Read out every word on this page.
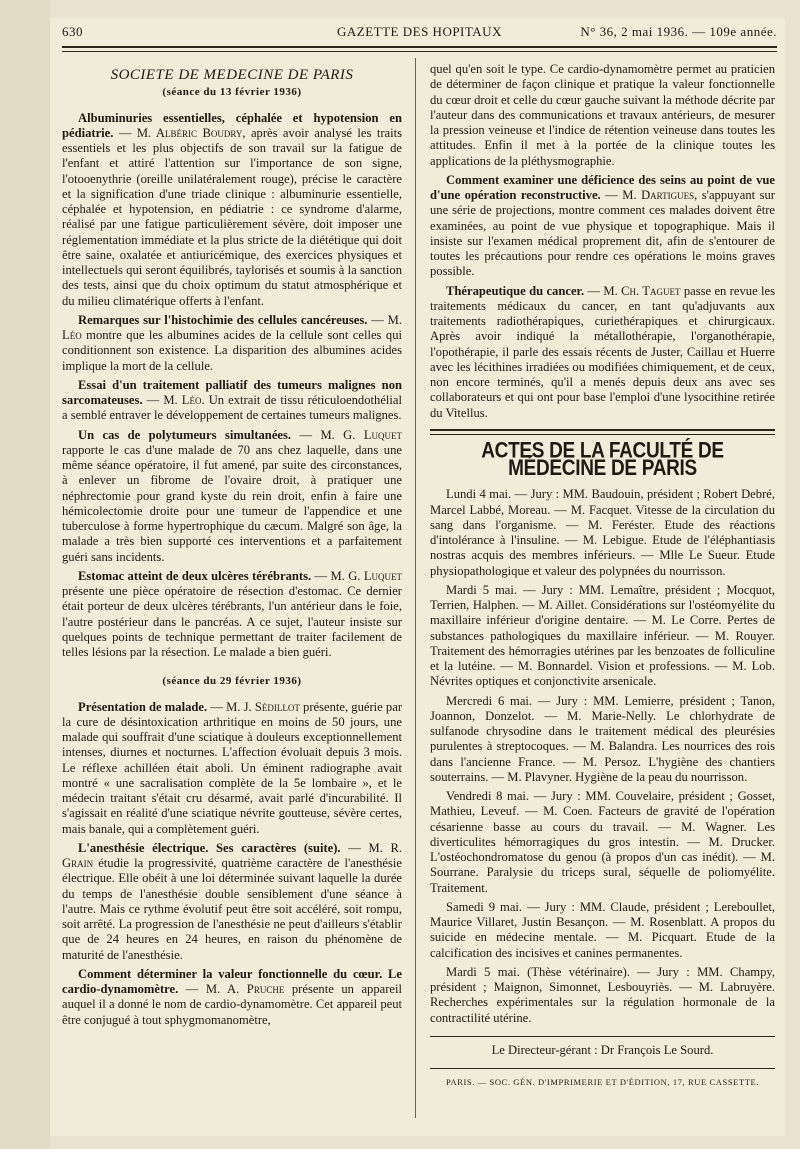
630	GAZETTE DES HOPITAUX	N° 36, 2 mai 1936. — 109e année.
SOCIETE DE MEDECINE DE PARIS
(séance du 13 février 1936)

Albuminuries essentielles, céphalée et hypotension en pédiatrie. — M. Albéric Boudry, après avoir analysé les traits essentiels et les plus objectifs de son travail sur la fatigue de l'enfant et attiré l'attention sur l'importance de son signe, l'otooenythrie (oreille unilatéralement rouge), précise le caractère et la signification d'une triade clinique : albuminurie essentielle, céphalée et hypotension, en pédiatrie : ce syndrome d'alarme, réalisé par une fatigue particulièrement sévère, doit imposer une réglementation immédiate et la plus stricte de la diététique qui doit être saine, oxalatée et antiuricémique, des exercices physiques et intellectuels qui seront équilibrés, taylorisés et soumis à la sanction des tests, ainsi que du choix optimum du statut atmosphérique et du milieu climatérique offerts à l'enfant.

Remarques sur l'histochimie des cellules cancéreuses. — M. Léo montre que les albumines acides de la cellule sont celles qui conditionnent son existence. La disparition des albumines acides implique la mort de la cellule.

Essai d'un traitement palliatif des tumeurs malignes non sarcomateuses. — M. Léo. Un extrait de tissu réticuloendothélial a semblé entraver le développement de certaines tumeurs malignes.

Un cas de polytumeurs simultanées. — M. G. Luquet rapporte le cas d'une malade de 70 ans chez laquelle, dans une même séance opératoire, il fut amené, par suite des circonstances, à enlever un fibrome de l'ovaire droit, à pratiquer une néphrectomie pour grand kyste du rein droit, enfin à faire une hémicolectomie droite pour une tumeur de l'appendice et une tuberculose à forme hypertrophique du cæcum. Malgré son âge, la malade a très bien supporté ces interventions et a parfaitement guéri sans incidents.

Estomac atteint de deux ulcères térébrants. — M. G. Luquet présente une pièce opératoire de résection d'estomac. Ce dernier était porteur de deux ulcères térébrants, l'un antérieur dans le foie, l'autre postérieur dans le pancréas. A ce sujet, l'auteur insiste sur quelques points de technique permettant de traiter facilement de telles lésions par la résection. Le malade a bien guéri.

(séance du 29 février 1936)

Présentation de malade. — M. J. Sédillot présente, guérie par la cure de désintoxication arthritique en moins de 50 jours, une malade qui souffrait d'une sciatique à douleurs exceptionnellement intenses, diurnes et nocturnes. L'affection évoluait depuis 3 mois. Le réflexe achilléen était aboli. Un éminent radiographe avait montré « une sacralisation complète de la 5e lombaire », et le médecin traitant s'était cru désarmé, avait parlé d'incurabilité. Il s'agissait en réalité d'une sciatique névrite goutteuse, sévère certes, mais banale, qui a complètement guéri.

L'anesthésie électrique. Ses caractères (suite). — M. R. Grain étudie la progressivité, quatrième caractère de l'anesthésie électrique. Elle obéit à une loi déterminée suivant laquelle la durée du temps de l'anesthésie double sensiblement d'une séance à l'autre. Mais ce rythme évolutif peut être soit accéléré, soit rompu, soit arrêté. La progression de l'anesthésie ne peut d'ailleurs s'établir que de 24 heures en 24 heures, en raison du phénomène de maturité de l'anesthésie.

Comment déterminer la valeur fonctionnelle du cœur. Le cardio-dynamomètre. — M. A. Pruche présente un appareil auquel il a donné le nom de cardio-dynamomètre. Cet appareil peut être conjugué à tout sphygmomanomètre,

quel qu'en soit le type. Ce cardio-dynamomètre permet au praticien de déterminer de façon clinique et pratique la valeur fonctionnelle du cœur droit et celle du cœur gauche suivant la méthode décrite par l'auteur dans des communications et travaux antérieurs, de mesurer la pression veineuse et l'indice de rétention veineuse dans toutes les attitudes. Enfin il met à la portée de la clinique toutes les applications de la pléthysmographie.

Comment examiner une déficience des seins au point de vue d'une opération reconstructive. — M. Dartigues, s'appuyant sur une série de projections, montre comment ces malades doivent être examinées, au point de vue physique et topographique. Mais il insiste sur l'examen médical proprement dit, afin de s'entourer de toutes les précautions pour rendre ces opérations le moins graves possible.

Thérapeutique du cancer. — M. Ch. Taguet passe en revue les traitements médicaux du cancer, en tant qu'adjuvants aux traitements radiothérapiques, curiethérapiques et chirurgicaux. Après avoir indiqué la métallothérapie, l'organothérapie, l'opothérapie, il parle des essais récents de Juster, Caillau et Huerre avec les lécithines irradiées ou modifiées chimiquement, et de ceux, non encore terminés, qu'il a menés depuis deux ans avec ses collaborateurs et qui ont pour base l'emploi d'une lysocithine retirée du Vitellus.

ACTES DE LA FACULTÉ DE MÉDECINE DE PARIS

Lundi 4 mai. — Jury : MM. Baudouin, président ; Robert Debré, Marcel Labbé, Moreau. — M. Facquet. Vitesse de la circulation du sang dans l'organisme. — M. Feréster. Etude des réactions d'intolérance à l'insuline. — M. Lebigue. Etude de l'éléphantiasis nostras acquis des membres inférieurs. — Mlle Le Sueur. Etude physiopathologique et valeur des polypnées du nourrisson.

Mardi 5 mai. — Jury : MM. Lemaître, président ; Mocquot, Terrien, Halphen. — M. Aillet. Considérations sur l'ostéomyélite du maxillaire inférieur d'origine dentaire. — M. Le Corre. Pertes de substances pathologiques du maxillaire inférieur. — M. Rouyer. Traitement des hémorragies utérines par les benzoates de folliculine et la lutéine. — M. Bonnardel. Vision et professions. — M. Lob. Névrites optiques et conjonctivite arsenicale.

Mercredi 6 mai. — Jury : MM. Lemierre, président ; Tanon, Joannon, Donzelot. — M. Marie-Nelly. Le chlorhydrate de sulfanode chrysodine dans le traitement médical des pleurésies purulentes à streptocoques. — M. Balandra. Les nourrices des rois dans l'ancienne France. — M. Persoz. L'hygiène des chantiers souterrains. — M. Plavyner. Hygiène de la peau du nourrisson.

Vendredi 8 mai. — Jury : MM. Couvelaire, président ; Gosset, Mathieu, Leveuf. — M. Coen. Facteurs de gravité de l'opération césarienne basse au cours du travail. — M. Wagner. Les diverticulites hémorragiques du gros intestin. — M. Drucker. L'ostéochondromatose du genou (à propos d'un cas inédit). — M. Sourrane. Paralysie du triceps sural, séquelle de poliomyélite. Traitement.

Samedi 9 mai. — Jury : MM. Claude, président ; Lereboullet, Maurice Villaret, Justin Besançon. — M. Rosenblatt. A propos du suicide en médecine mentale. — M. Picquart. Etude de la calcification des incisives et canines permanentes.

Mardi 5 mai. (Thèse vétérinaire). — Jury : MM. Champy, président ; Maignon, Simonnet, Lesbouyriès. — M. Labruyère. Recherches expérimentales sur la régulation hormonale de la contractilité utérine.

Le Directeur-gérant : Dr François Le Sourd.
PARIS. — SOC. GÉN. D'IMPRIMERIE ET D'ÉDITION, 17, RUE CASSETTE.
